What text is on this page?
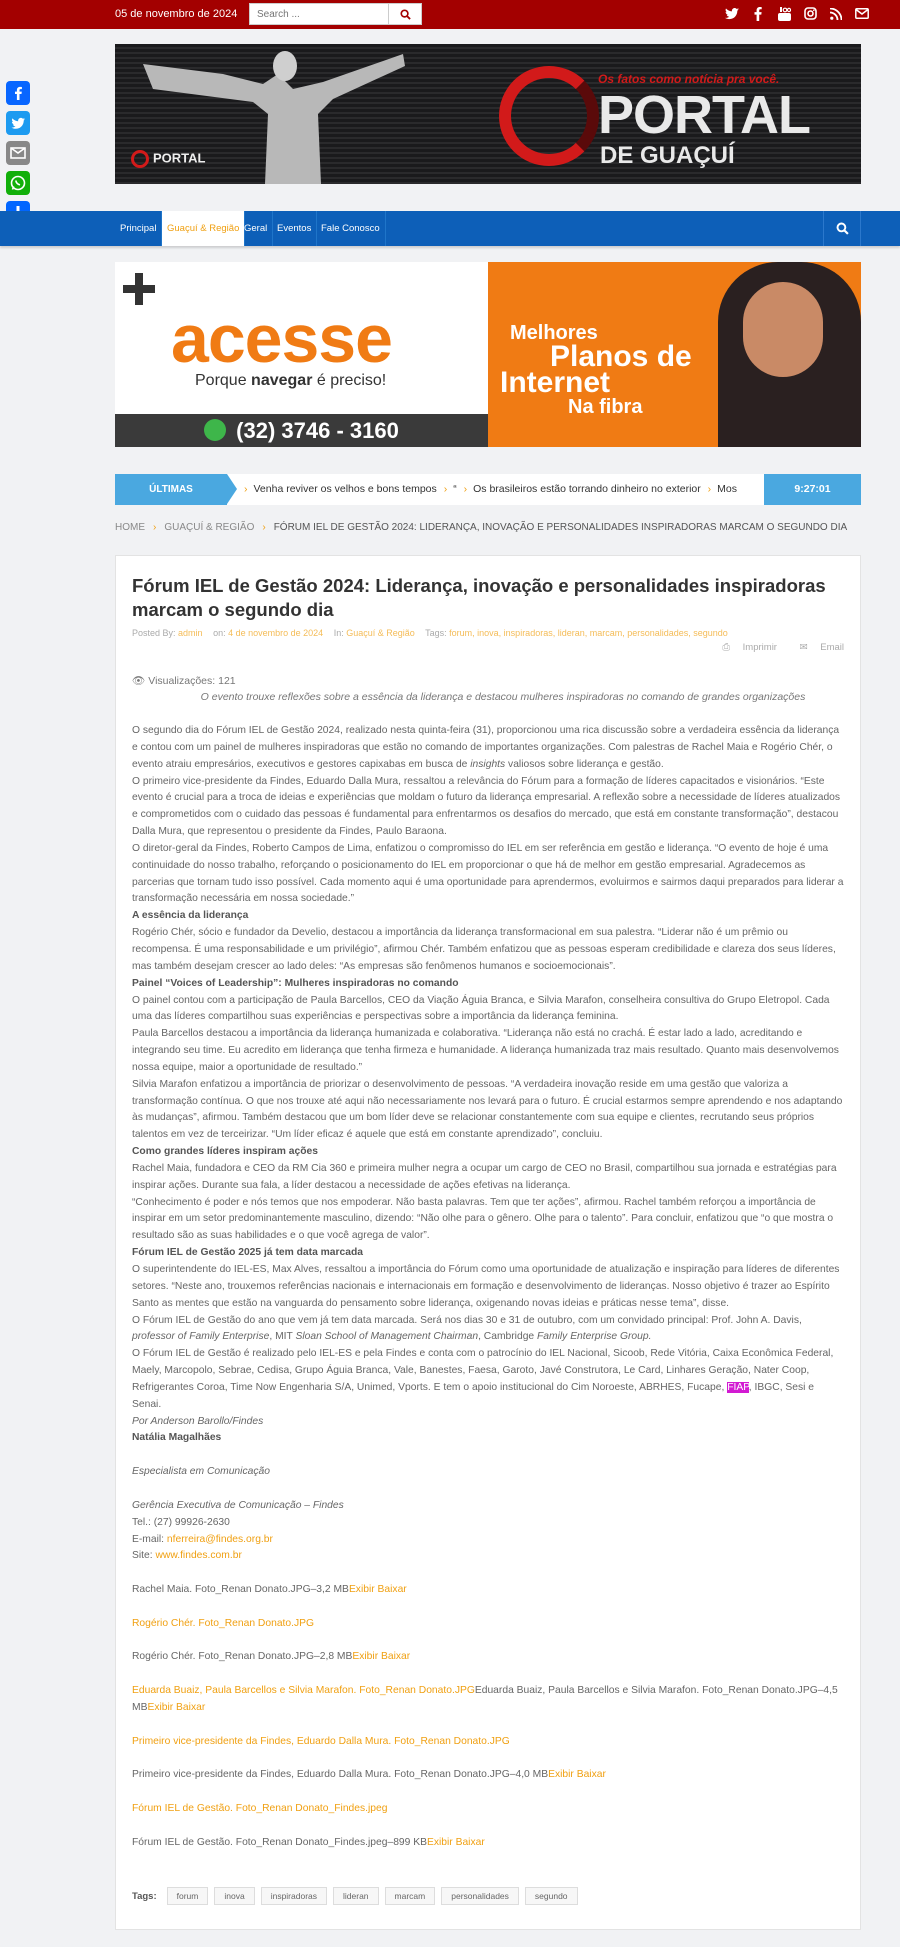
05 de novembro de 2024
Search ...
Os fatos como notícia pra você.
PORTAL
DE GUAÇUÍ
PORTAL
Principal	Guaçuí & Região Geral	Eventos	Fale Conosco
acesse
Porque navegar é preciso!
(32) 3746 - 3160
Melhores
Planos de
Internet
Na fibra
ÚLTIMAS	› Venha reviver os velhos e bons tempos › “ › Os brasileiros estão torrando dinheiro no exterior › Mos	9:27:01
HOME › GUAÇUÍ & REGIÃO › FÓRUM IEL DE GESTÃO 2024: LIDERANÇA, INOVAÇÃO E PERSONALIDADES INSPIRADORAS MARCAM O SEGUNDO DIA
Fórum IEL de Gestão 2024: Liderança, inovação e personalidades inspiradoras marcam o segundo dia
Posted By: admin on: 4 de novembro de 2024 In: Guaçuí & Região Tags: forum, inova, inspiradoras, lideran, marcam, personalidades, segundo
⎙ Imprimir ✉ Email
👁 Visualizações: 121
O evento trouxe reflexões sobre a essência da liderança e destacou mulheres inspiradoras no comando de grandes organizações

O segundo dia do Fórum IEL de Gestão 2024, realizado nesta quinta-feira (31), proporcionou uma rica discussão sobre a verdadeira essência da liderança e contou com um painel de mulheres inspiradoras que estão no comando de importantes organizações. Com palestras de Rachel Maia e Rogério Chér, o evento atraiu empresários, executivos e gestores capixabas em busca de insights valiosos sobre liderança e gestão.

O primeiro vice-presidente da Findes, Eduardo Dalla Mura, ressaltou a relevância do Fórum para a formação de líderes capacitados e visionários. “Este evento é crucial para a troca de ideias e experiências que moldam o futuro da liderança empresarial. A reflexão sobre a necessidade de líderes atualizados e comprometidos com o cuidado das pessoas é fundamental para enfrentarmos os desafios do mercado, que está em constante transformação”, destacou Dalla Mura, que representou o presidente da Findes, Paulo Baraona.

O diretor-geral da Findes, Roberto Campos de Lima, enfatizou o compromisso do IEL em ser referência em gestão e liderança. “O evento de hoje é uma continuidade do nosso trabalho, reforçando o posicionamento do IEL em proporcionar o que há de melhor em gestão empresarial. Agradecemos as parcerias que tornam tudo isso possível. Cada momento aqui é uma oportunidade para aprendermos, evoluirmos e sairmos daqui preparados para liderar a transformação necessária em nossa sociedade.”

A essência da liderança

Rogério Chér, sócio e fundador da Develio, destacou a importância da liderança transformacional em sua palestra. “Liderar não é um prêmio ou recompensa. É uma responsabilidade e um privilégio”, afirmou Chér. Também enfatizou que as pessoas esperam credibilidade e clareza dos seus líderes, mas também desejam crescer ao lado deles: “As empresas são fenômenos humanos e socioemocionais”.

Painel “Voices of Leadership”: Mulheres inspiradoras no comando

O painel contou com a participação de Paula Barcellos, CEO da Viação Águia Branca, e Silvia Marafon, conselheira consultiva do Grupo Eletropol. Cada uma das líderes compartilhou suas experiências e perspectivas sobre a importância da liderança feminina.

Paula Barcellos destacou a importância da liderança humanizada e colaborativa. “Liderança não está no crachá. É estar lado a lado, acreditando e integrando seu time. Eu acredito em liderança que tenha firmeza e humanidade. A liderança humanizada traz mais resultado. Quanto mais desenvolvemos nossa equipe, maior a oportunidade de resultado.”

Silvia Marafon enfatizou a importância de priorizar o desenvolvimento de pessoas. “A verdadeira inovação reside em uma gestão que valoriza a transformação contínua. O que nos trouxe até aqui não necessariamente nos levará para o futuro. É crucial estarmos sempre aprendendo e nos adaptando às mudanças”, afirmou. Também destacou que um bom líder deve se relacionar constantemente com sua equipe e clientes, recrutando seus próprios talentos em vez de terceirizar. “Um líder eficaz é aquele que está em constante aprendizado”, concluiu.

Como grandes líderes inspiram ações

Rachel Maia, fundadora e CEO da RM Cia 360 e primeira mulher negra a ocupar um cargo de CEO no Brasil, compartilhou sua jornada e estratégias para inspirar ações. Durante sua fala, a líder destacou a necessidade de ações efetivas na liderança.

“Conhecimento é poder e nós temos que nos empoderar. Não basta palavras. Tem que ter ações”, afirmou. Rachel também reforçou a importância de inspirar em um setor predominantemente masculino, dizendo: “Não olhe para o gênero. Olhe para o talento”. Para concluir, enfatizou que “o que mostra o resultado são as suas habilidades e o que você agrega de valor”.

Fórum IEL de Gestão 2025 já tem data marcada

O superintendente do IEL-ES, Max Alves, ressaltou a importância do Fórum como uma oportunidade de atualização e inspiração para líderes de diferentes setores. “Neste ano, trouxemos referências nacionais e internacionais em formação e desenvolvimento de lideranças. Nosso objetivo é trazer ao Espírito Santo as mentes que estão na vanguarda do pensamento sobre liderança, oxigenando novas ideias e práticas nesse tema”, disse.

O Fórum IEL de Gestão do ano que vem já tem data marcada. Será nos dias 30 e 31 de outubro, com um convidado principal: Prof. John A. Davis, professor of Family Enterprise, MIT Sloan School of Management Chairman, Cambridge Family Enterprise Group.

O Fórum IEL de Gestão é realizado pelo IEL-ES e pela Findes e conta com o patrocínio do IEL Nacional, Sicoob, Rede Vitória, Caixa Econômica Federal, Maely, Marcopolo, Sebrae, Cedisa, Grupo Águia Branca, Vale, Banestes, Faesa, Garoto, Javé Construtora, Le Card, Linhares Geração, Nater Coop, Refrigerantes Coroa, Time Now Engenharia S/A, Unimed, Vports. E tem o apoio institucional do Cim Noroeste, ABRHES, Fucape, FIAP, IBGC, Sesi e Senai.

Por Anderson Barollo/Findes

Natália Magalhães

Especialista em Comunicação

Gerência Executiva de Comunicação – Findes

Tel.: (27) 99926-2630

E-mail: nferreira@findes.org.br

Site: www.findes.com.br

Rachel Maia. Foto_Renan Donato.JPG–3,2 MBExibir Baixar

Rogério Chér. Foto_Renan Donato.JPG

Rogério Chér. Foto_Renan Donato.JPG–2,8 MBExibir Baixar

Eduarda Buaiz, Paula Barcellos e Silvia Marafon. Foto_Renan Donato.JPGEduarda Buaiz, Paula Barcellos e Silvia Marafon. Foto_Renan Donato.JPG–4,5 MBExibir Baixar

Primeiro vice-presidente da Findes, Eduardo Dalla Mura. Foto_Renan Donato.JPG

Primeiro vice-presidente da Findes, Eduardo Dalla Mura. Foto_Renan Donato.JPG–4,0 MBExibir Baixar

Fórum IEL de Gestão. Foto_Renan Donato_Findes.jpeg

Fórum IEL de Gestão. Foto_Renan Donato_Findes.jpeg–899 KBExibir Baixar

Tags:	forum	inova	inspiradoras	lideran	marcam	personalidades	segundo
